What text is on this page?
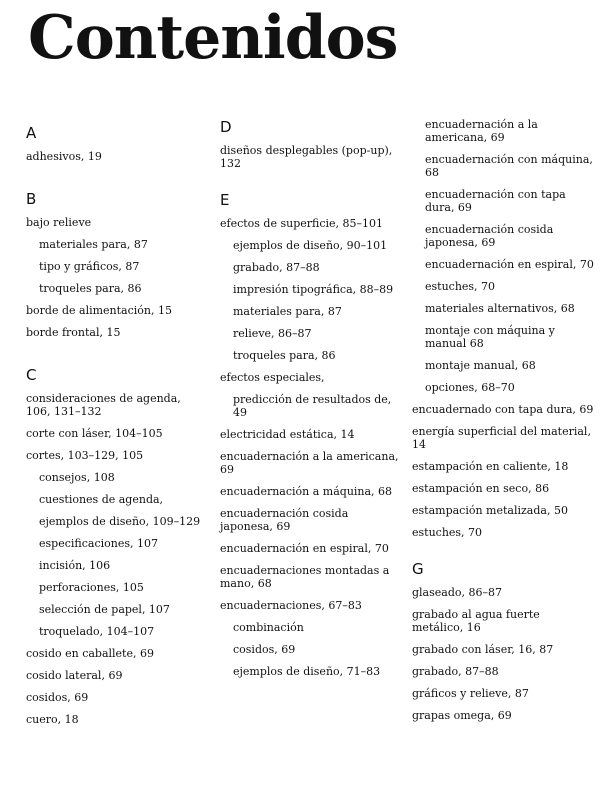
Contenidos
A
adhesivos, 19
B
bajo relieve
materiales para, 87
tipo y gráficos, 87
troqueles para, 86
borde de alimentación, 15
borde frontal, 15
C
consideraciones de agenda, 106, 131–132
corte con láser, 104–105
cortes, 103–129, 105
consejos, 108
cuestiones de agenda,
ejemplos de diseño, 109–129
especificaciones, 107
incisión, 106
perforaciones, 105
selección de papel, 107
troquelado, 104–107
cosido en caballete, 69
cosido lateral, 69
cosidos, 69
cuero, 18
D
diseños desplegables (pop-up), 132
E
efectos de superficie, 85–101
ejemplos de diseño, 90–101
grabado, 87–88
impresión tipográfica, 88–89
materiales para, 87
relieve, 86–87
troqueles para, 86
efectos especiales,
predicción de resultados de, 49
electricidad estática, 14
encuadernación a la americana, 69
encuadernación a máquina, 68
encuadernación cosida japonesa, 69
encuadernación en espiral, 70
encuadernaciones montadas a mano, 68
encuadernaciones, 67–83
combinación
cosidos, 69
ejemplos de diseño, 71–83
encuadernación a la americana, 69
encuadernación con máquina, 68
encuadernación con tapa dura, 69
encuadernación cosida japonesa, 69
encuadernación en espiral, 70
estuches, 70
materiales alternativos, 68
montaje con máquina y manual 68
montaje manual, 68
opciones, 68–70
encuadernado con tapa dura, 69
energía superficial del material, 14
estampación en caliente, 18
estampación en seco, 86
estampación metalizada, 50
estuches, 70
G
glaseado, 86–87
grabado al agua fuerte metálico, 16
grabado con láser, 16, 87
grabado, 87–88
gráficos y relieve, 87
grapas omega, 69
